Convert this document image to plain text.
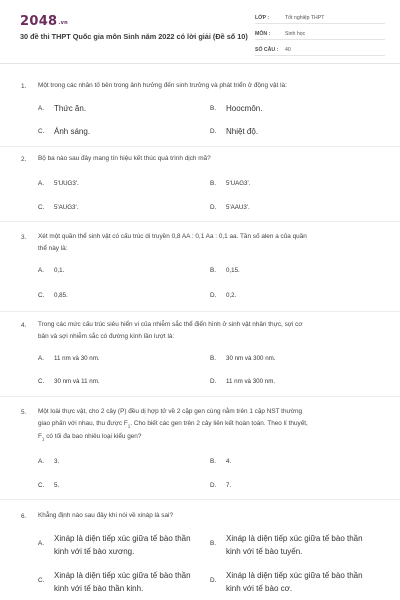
2048.vn
30 đề thi THPT Quốc gia môn Sinh năm 2022 có lời giải (Đề số 10)
LỚP :	Tốt nghiệp THPT
MÔN :	Sinh học
SỐ CÂU : 40
1. Một trong các nhân tố bên trong ảnh hưởng đến sinh trưởng và phát triển ở động vật là:
A.	Thức ăn.	B.	Hoocmôn.
C.	Ánh sáng.	D.	Nhiệt độ.
2. Bộ ba nào sau đây mang tín hiệu kết thúc quá trình dịch mã?
A.	5'UUG3'.	B.	5'UAG3'.
C.	5'AUG3'.	D.	5'AAU3'.
3. Xét một quần thể sinh vật có cấu trúc di truyền 0,8 AA : 0,1 Aa : 0,1 aa. Tần số alen a của quần
thể này là:
A.	0,1.	B.	0,15.
C.	0,85.	D.	0,2.
4. Trong các mức cấu trúc siêu hiển vi của nhiễm sắc thể điển hình ở sinh vật nhân thực, sợi cơ
bản và sợi nhiễm sắc có đường kính lần lượt là:
A.	11 nm và 30 nm.	B.	30 nm và 300 nm.
C.	30 nm và 11 nm.	D.	11 nm và 300 nm.
5. Một loài thực vật, cho 2 cây (P) đều dị hợp tử về 2 cặp gen cùng nằm trên 1 cặp NST thường
giao phấn với nhau, thu được $F_1$. Cho biết các gen trên 2 cây liên kết hoàn toàn. Theo lí thuyết,
$F_1$ có tối đa bao nhiêu loại kiểu gen?
A.	3.	B.	4.
C.	5.	D.	7.
6. Khẳng định nào sau đây khi nói về xináp là sai?
A.
Xináp là diện tiếp xúc giữa tế bào thần kinh với tế bào xương.
B.
Xináp là diện tiếp xúc giữa tế bào thần kinh với tế bào tuyến.
C.
Xináp là diện tiếp xúc giữa tế bào thần kinh với tế bào thần kinh.
D.
Xináp là diện tiếp xúc giữa tế bào thần kinh với tế bào cơ.
